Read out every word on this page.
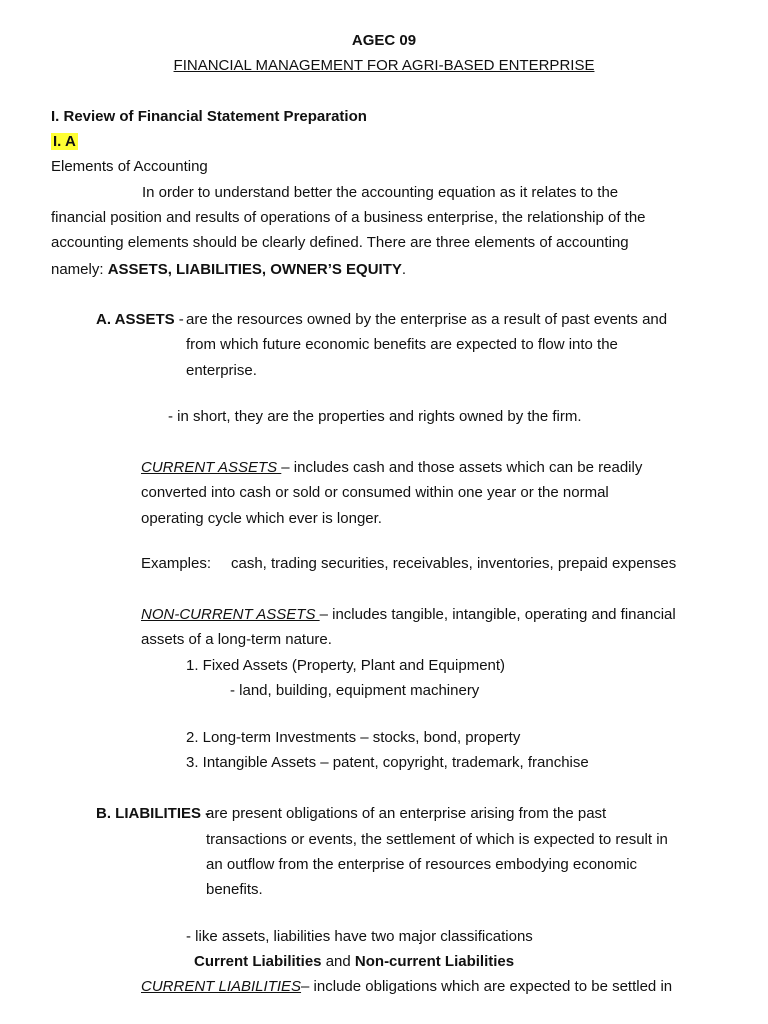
AGEC 09
FINANCIAL MANAGEMENT FOR AGRI-BASED ENTERPRISE
I. Review of Financial Statement Preparation
I. A
Elements of Accounting
In order to understand better the accounting equation as it relates to the
financial position and results of operations of a business enterprise, the relationship of the
accounting elements should be clearly defined. There are three elements of accounting
namely: ASSETS, LIABILITIES, OWNER’S EQUITY.
A. ASSETS - are the resources owned by the enterprise as a result of past events and
from which future economic benefits are expected to flow into the
enterprise.
- in short, they are the properties and rights owned by the firm.
CURRENT ASSETS – includes cash and those assets which can be readily
converted into cash or sold or consumed within one year or the normal
operating cycle which ever is longer.
Examples: cash, trading securities, receivables, inventories, prepaid expenses
NON-CURRENT ASSETS – includes tangible, intangible, operating and financial
assets of a long-term nature.
1. Fixed Assets (Property, Plant and Equipment)
- land, building, equipment machinery
2. Long-term Investments – stocks, bond, property
3. Intangible Assets – patent, copyright, trademark, franchise
B. LIABILITIES -
are present obligations of an enterprise arising from the past
transactions or events, the settlement of which is expected to result in
an outflow from the enterprise of resources embodying economic
benefits.
- like assets, liabilities have two major classifications
Current Liabilities and Non-current Liabilities
CURRENT LIABILITIES– include obligations which are expected to be settled in
